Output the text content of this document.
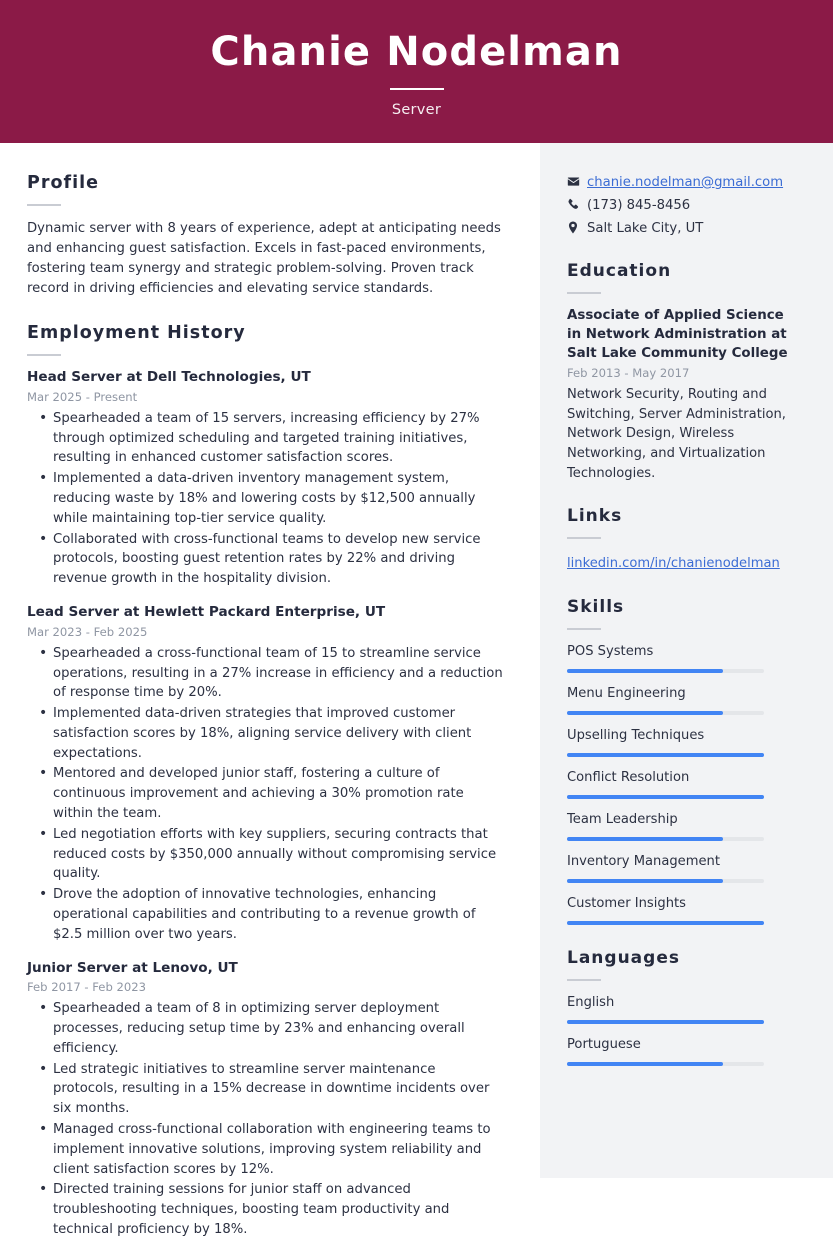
Chanie Nodelman
Server
Profile
Dynamic server with 8 years of experience, adept at anticipating needs and enhancing guest satisfaction. Excels in fast-paced environments, fostering team synergy and strategic problem-solving. Proven track record in driving efficiencies and elevating service standards.
Employment History
Head Server at Dell Technologies, UT
Mar 2025 - Present
• Spearheaded a team of 15 servers, increasing efficiency by 27% through optimized scheduling and targeted training initiatives, resulting in enhanced customer satisfaction scores.
• Implemented a data-driven inventory management system, reducing waste by 18% and lowering costs by $12,500 annually while maintaining top-tier service quality.
• Collaborated with cross-functional teams to develop new service protocols, boosting guest retention rates by 22% and driving revenue growth in the hospitality division.
Lead Server at Hewlett Packard Enterprise, UT
Mar 2023 - Feb 2025
• Spearheaded a cross-functional team of 15 to streamline service operations, resulting in a 27% increase in efficiency and a reduction of response time by 20%.
• Implemented data-driven strategies that improved customer satisfaction scores by 18%, aligning service delivery with client expectations.
• Mentored and developed junior staff, fostering a culture of continuous improvement and achieving a 30% promotion rate within the team.
• Led negotiation efforts with key suppliers, securing contracts that reduced costs by $350,000 annually without compromising service quality.
• Drove the adoption of innovative technologies, enhancing operational capabilities and contributing to a revenue growth of $2.5 million over two years.
Junior Server at Lenovo, UT
Feb 2017 - Feb 2023
• Spearheaded a team of 8 in optimizing server deployment processes, reducing setup time by 23% and enhancing overall efficiency.
• Led strategic initiatives to streamline server maintenance protocols, resulting in a 15% decrease in downtime incidents over six months.
• Managed cross-functional collaboration with engineering teams to implement innovative solutions, improving system reliability and client satisfaction scores by 12%.
• Directed training sessions for junior staff on advanced troubleshooting techniques, boosting team productivity and technical proficiency by 18%.
chanie.nodelman@gmail.com
(173) 845-8456
Salt Lake City, UT
Education
Associate of Applied Science in Network Administration at Salt Lake Community College
Feb 2013 - May 2017
Network Security, Routing and Switching, Server Administration, Network Design, Wireless Networking, and Virtualization Technologies.
Links
linkedin.com/in/chanienodelman
Skills
POS Systems
Menu Engineering
Upselling Techniques
Conflict Resolution
Team Leadership
Inventory Management
Customer Insights
Languages
English
Portuguese
